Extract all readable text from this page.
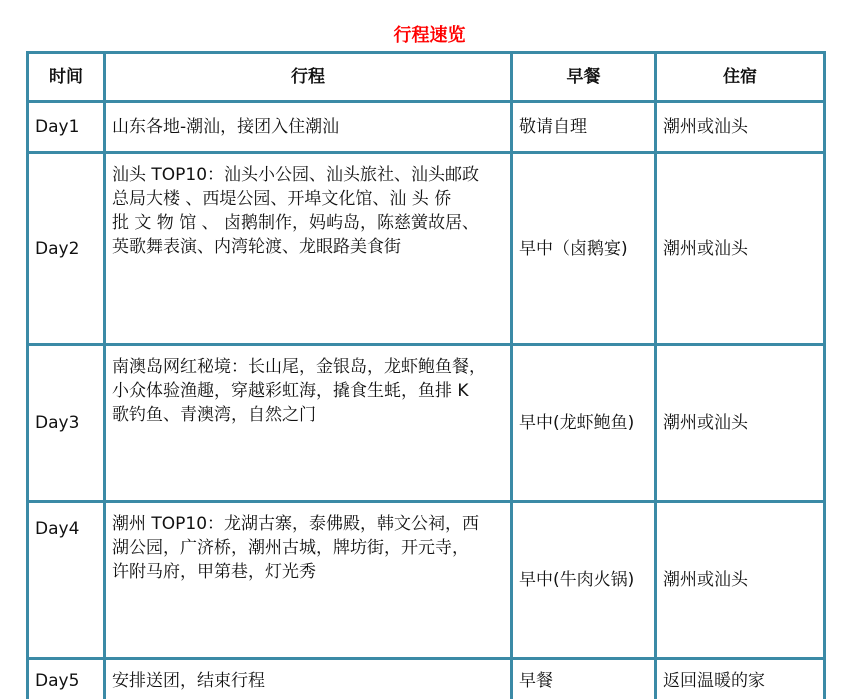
行程速览
时间	行程	早餐	住宿
Day1	山东各地-潮汕，接团入住潮汕	敬请自理	潮州或汕头
Day2	汕头 TOP10：汕头小公园、汕头旅社、汕头邮政
总局大楼 、西堤公园、开埠文化馆、汕 头 侨
批 文 物 馆 、 卤鹅制作，妈屿岛，陈慈黉故居、
英歌舞表演、内湾轮渡、龙眼路美食街	早中（卤鹅宴)	潮州或汕头
Day3	南澳岛网红秘境：长山尾，金银岛，龙虾鲍鱼餐，
小众体验渔趣，穿越彩虹海，撬食生蚝，鱼排 K
歌钓鱼、青澳湾，自然之门	早中(龙虾鲍鱼)	潮州或汕头
Day4	潮州 TOP10：龙湖古寨，泰佛殿，韩文公祠，西
湖公园，广济桥，潮州古城，牌坊街，开元寺，
许附马府，甲第巷，灯光秀	早中(牛肉火锅)	潮州或汕头
Day5	安排送团，结束行程	早餐	返回温暖的家
